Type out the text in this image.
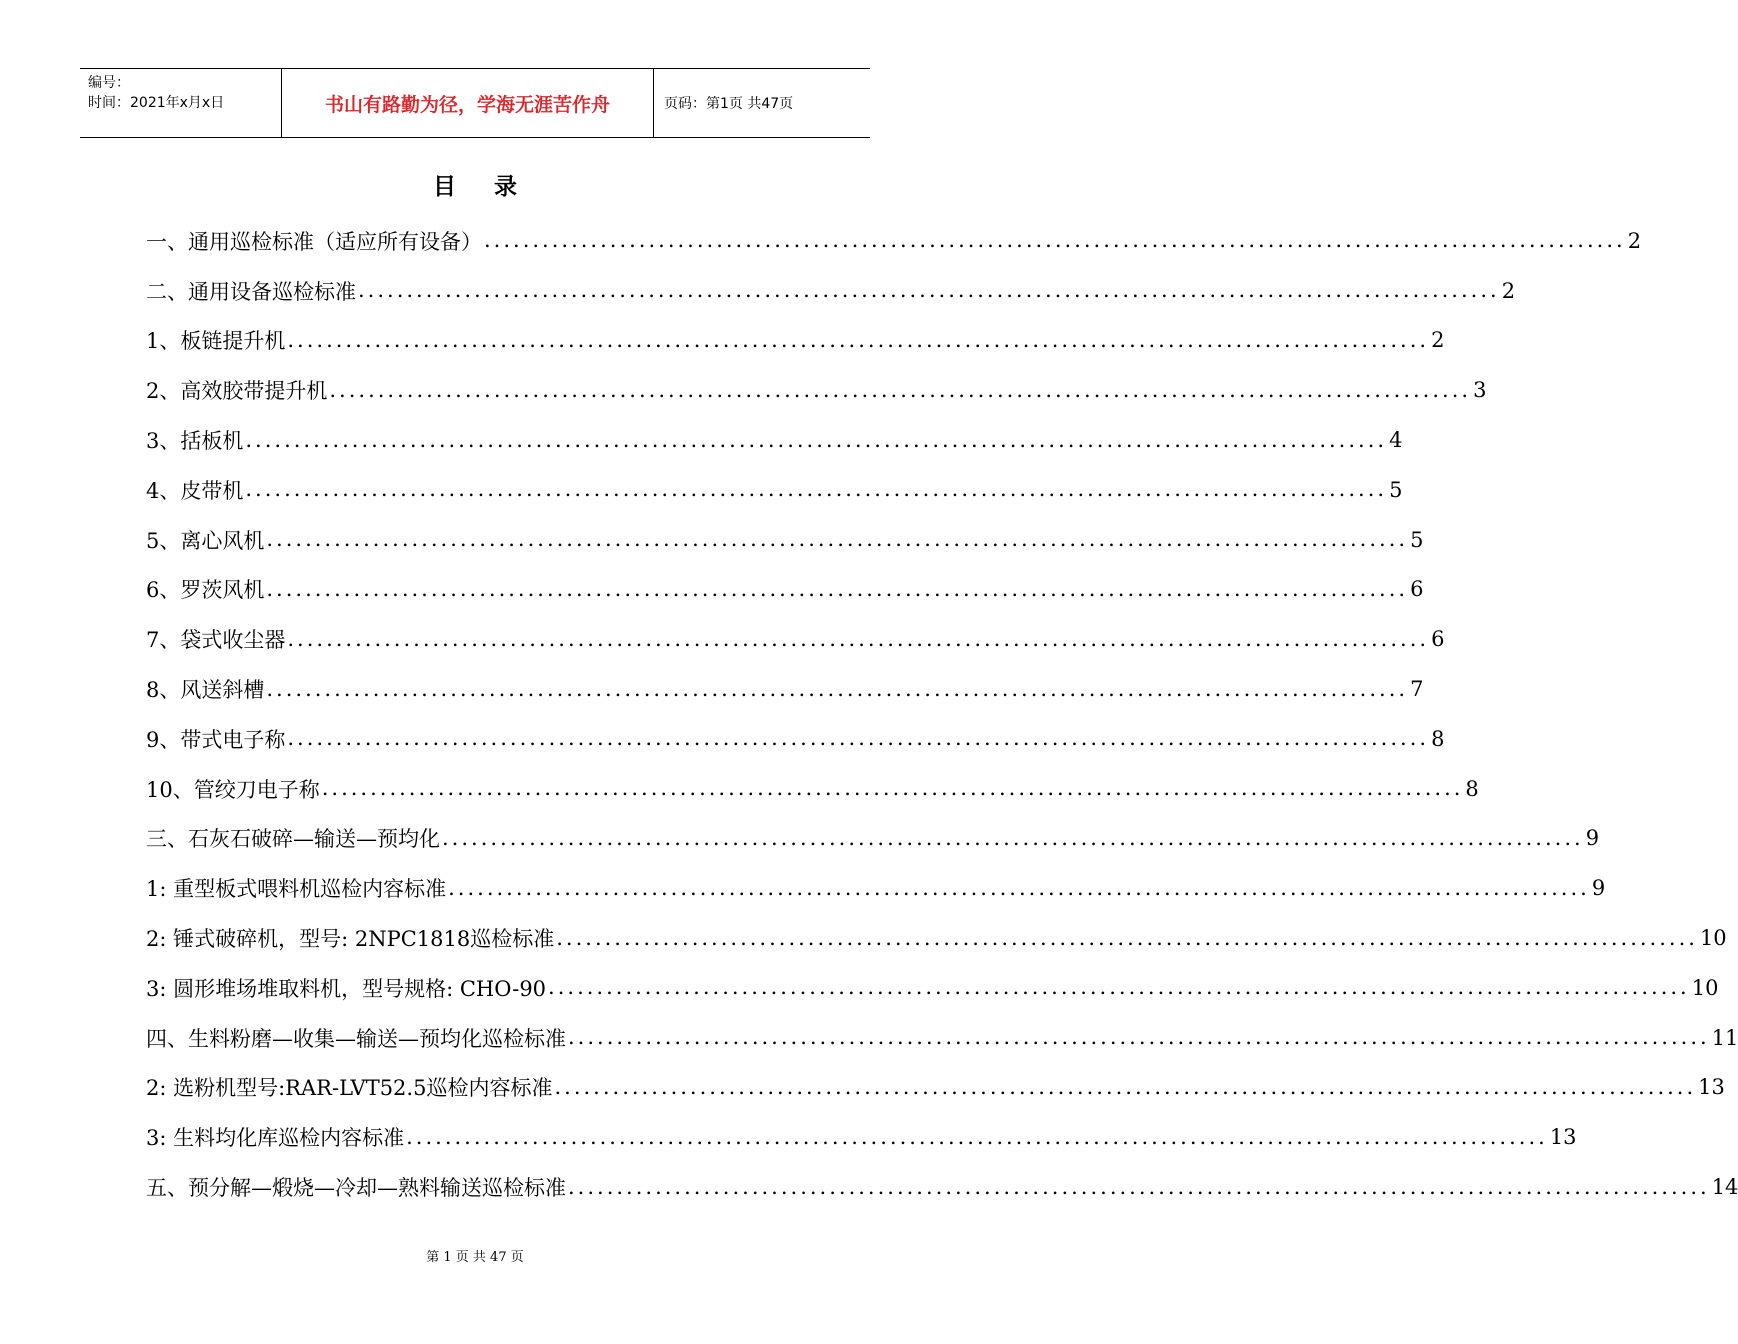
编号：
时间：2021年x月x日	书山有路勤为径，学海无涯苦作舟	页码：第1页 共47页
目录
一、通用巡检标准（适应所有设备） ...................................................................................................................... 2
二、通用设备巡检标准 ...................................................................................................................... 2
1、板链提升机 ...................................................................................................................... 2
2、高效胶带提升机 ...................................................................................................................... 3
3、括板机 ...................................................................................................................... 4
4、皮带机 ...................................................................................................................... 5
5、离心风机 ...................................................................................................................... 5
6、罗茨风机 ...................................................................................................................... 6
7、袋式收尘器 ...................................................................................................................... 6
8、风送斜槽 ...................................................................................................................... 7
9、带式电子称 ...................................................................................................................... 8
10、管绞刀电子称 ...................................................................................................................... 8
三、石灰石破碎—输送—预均化 ...................................................................................................................... 9
1: 重型板式喂料机巡检内容标准 ...................................................................................................................... 9
2: 锤式破碎机，型号: 2NPC1818巡检标准 ...................................................................................................................... 10
3: 圆形堆场堆取料机，型号规格: CHO-90 ...................................................................................................................... 10
四、生料粉磨—收集—输送—预均化巡检标准 ...................................................................................................................... 11
2: 选粉机型号:RAR-LVT52.5巡检内容标准 ...................................................................................................................... 13
3: 生料均化库巡检内容标准 ...................................................................................................................... 13
五、预分解—煅烧—冷却—熟料输送巡检标准 ...................................................................................................................... 14
第 1 页 共 47 页
